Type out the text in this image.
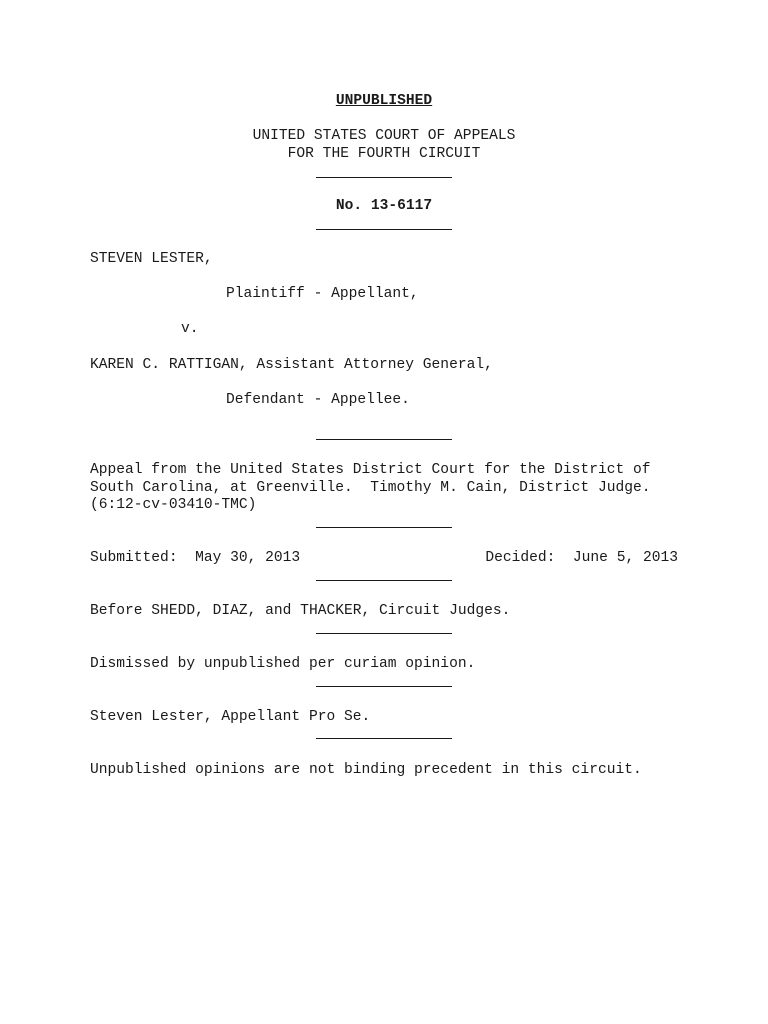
UNPUBLISHED
UNITED STATES COURT OF APPEALS
FOR THE FOURTH CIRCUIT
No. 13-6117
STEVEN LESTER,
Plaintiff - Appellant,
v.
KAREN C. RATTIGAN, Assistant Attorney General,
Defendant - Appellee.
Appeal from the United States District Court for the District of
South Carolina, at Greenville.  Timothy M. Cain, District Judge.
(6:12-cv-03410-TMC)
Submitted:  May 30, 2013	Decided:  June 5, 2013
Before SHEDD, DIAZ, and THACKER, Circuit Judges.
Dismissed by unpublished per curiam opinion.
Steven Lester, Appellant Pro Se.
Unpublished opinions are not binding precedent in this circuit.
